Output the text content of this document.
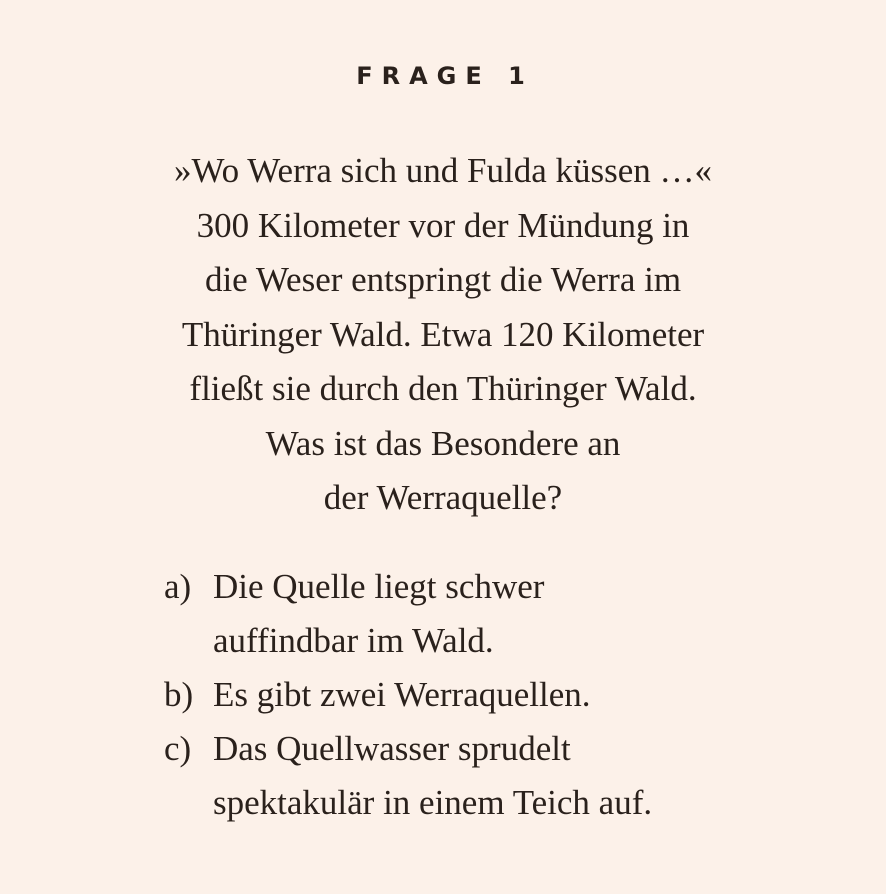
FRAGE 1
»Wo Werra sich und Fulda küssen …«
300 Kilometer vor der Mündung in
die Weser entspringt die Werra im
Thüringer Wald. Etwa 120 Kilometer
fließt sie durch den Thüringer Wald.
Was ist das Besondere an
der Werraquelle?
a) Die Quelle liegt schwer
auffindbar im Wald.
b) Es gibt zwei Werraquellen.
c) Das Quellwasser sprudelt
spektakulär in einem Teich auf.
